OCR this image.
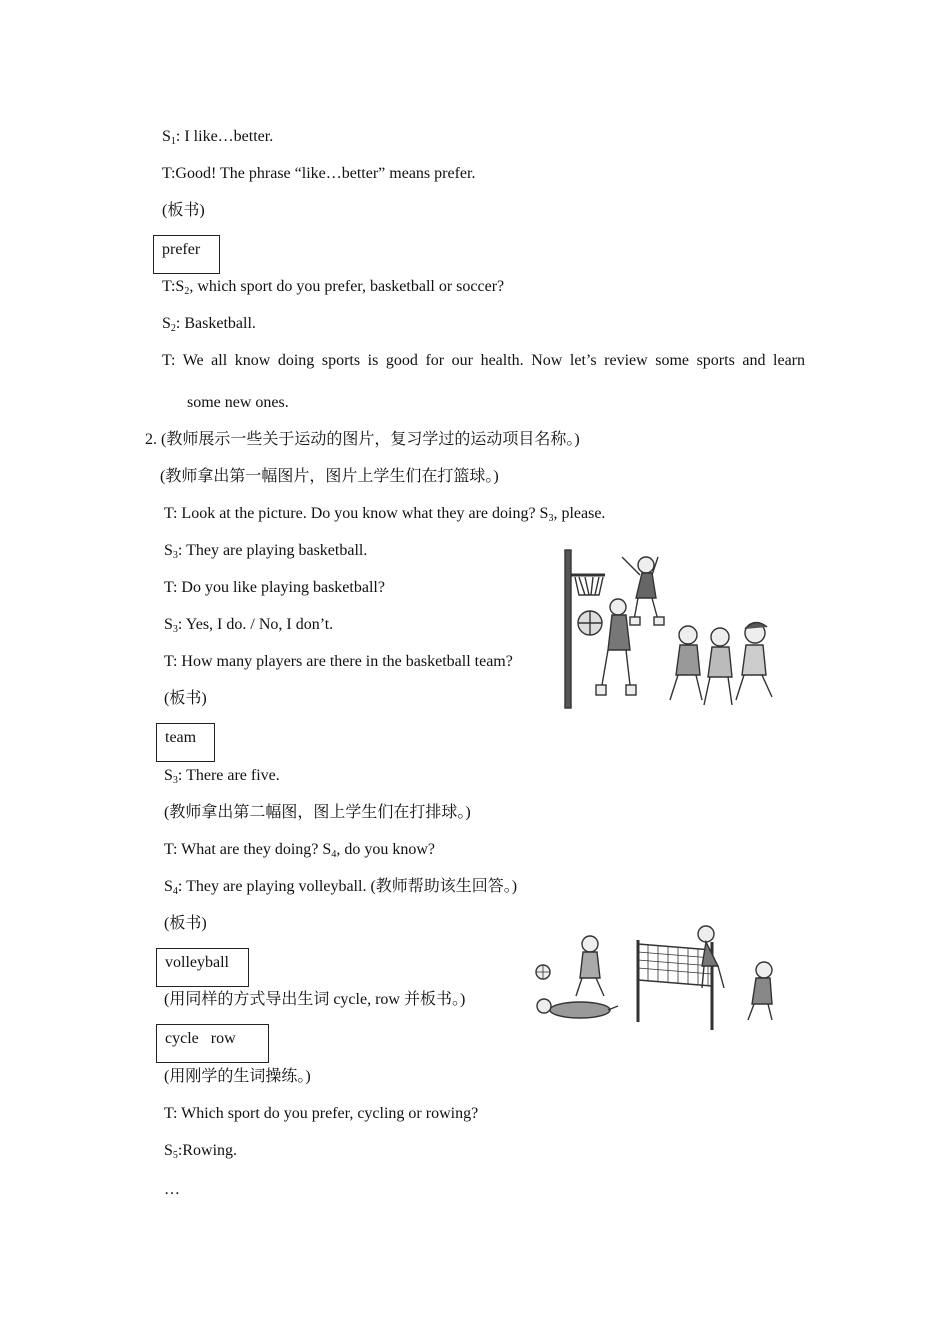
$S_1$: I like…better.
T:Good! The phrase “like…better” means prefer.
(板书)
prefer
$T:S_2$, which sport do you prefer, basketball or soccer?
$S_2$: Basketball.
T: We all know doing sports is good for our health. Now let’s review some sports and learn
some new ones.
2. (教师展示一些关于运动的图片，复习学过的运动项目名称。)
(教师拿出第一幅图片，图片上学生们在打篮球。)
T: Look at the picture. Do you know what they are doing? $S_3$, please.
$S_3$: They are playing basketball.
T: Do you like playing basketball?
$S_3$: Yes, I do. / No, I don’t.
T: How many players are there in the basketball team?
(板书)
team
$S_3$: There are five.
(教师拿出第二幅图，图上学生们在打排球。)
T: What are they doing? $S_4$, do you know?
$S_4$: They are playing volleyball. (教师帮助该生回答。)
(板书)
volleyball
(用同样的方式导出生词 cycle, row 并板书。)
cycle   row
(用刚学的生词操练。)
T: Which sport do you prefer, cycling or rowing?
$S_5:Rowing$.
…
